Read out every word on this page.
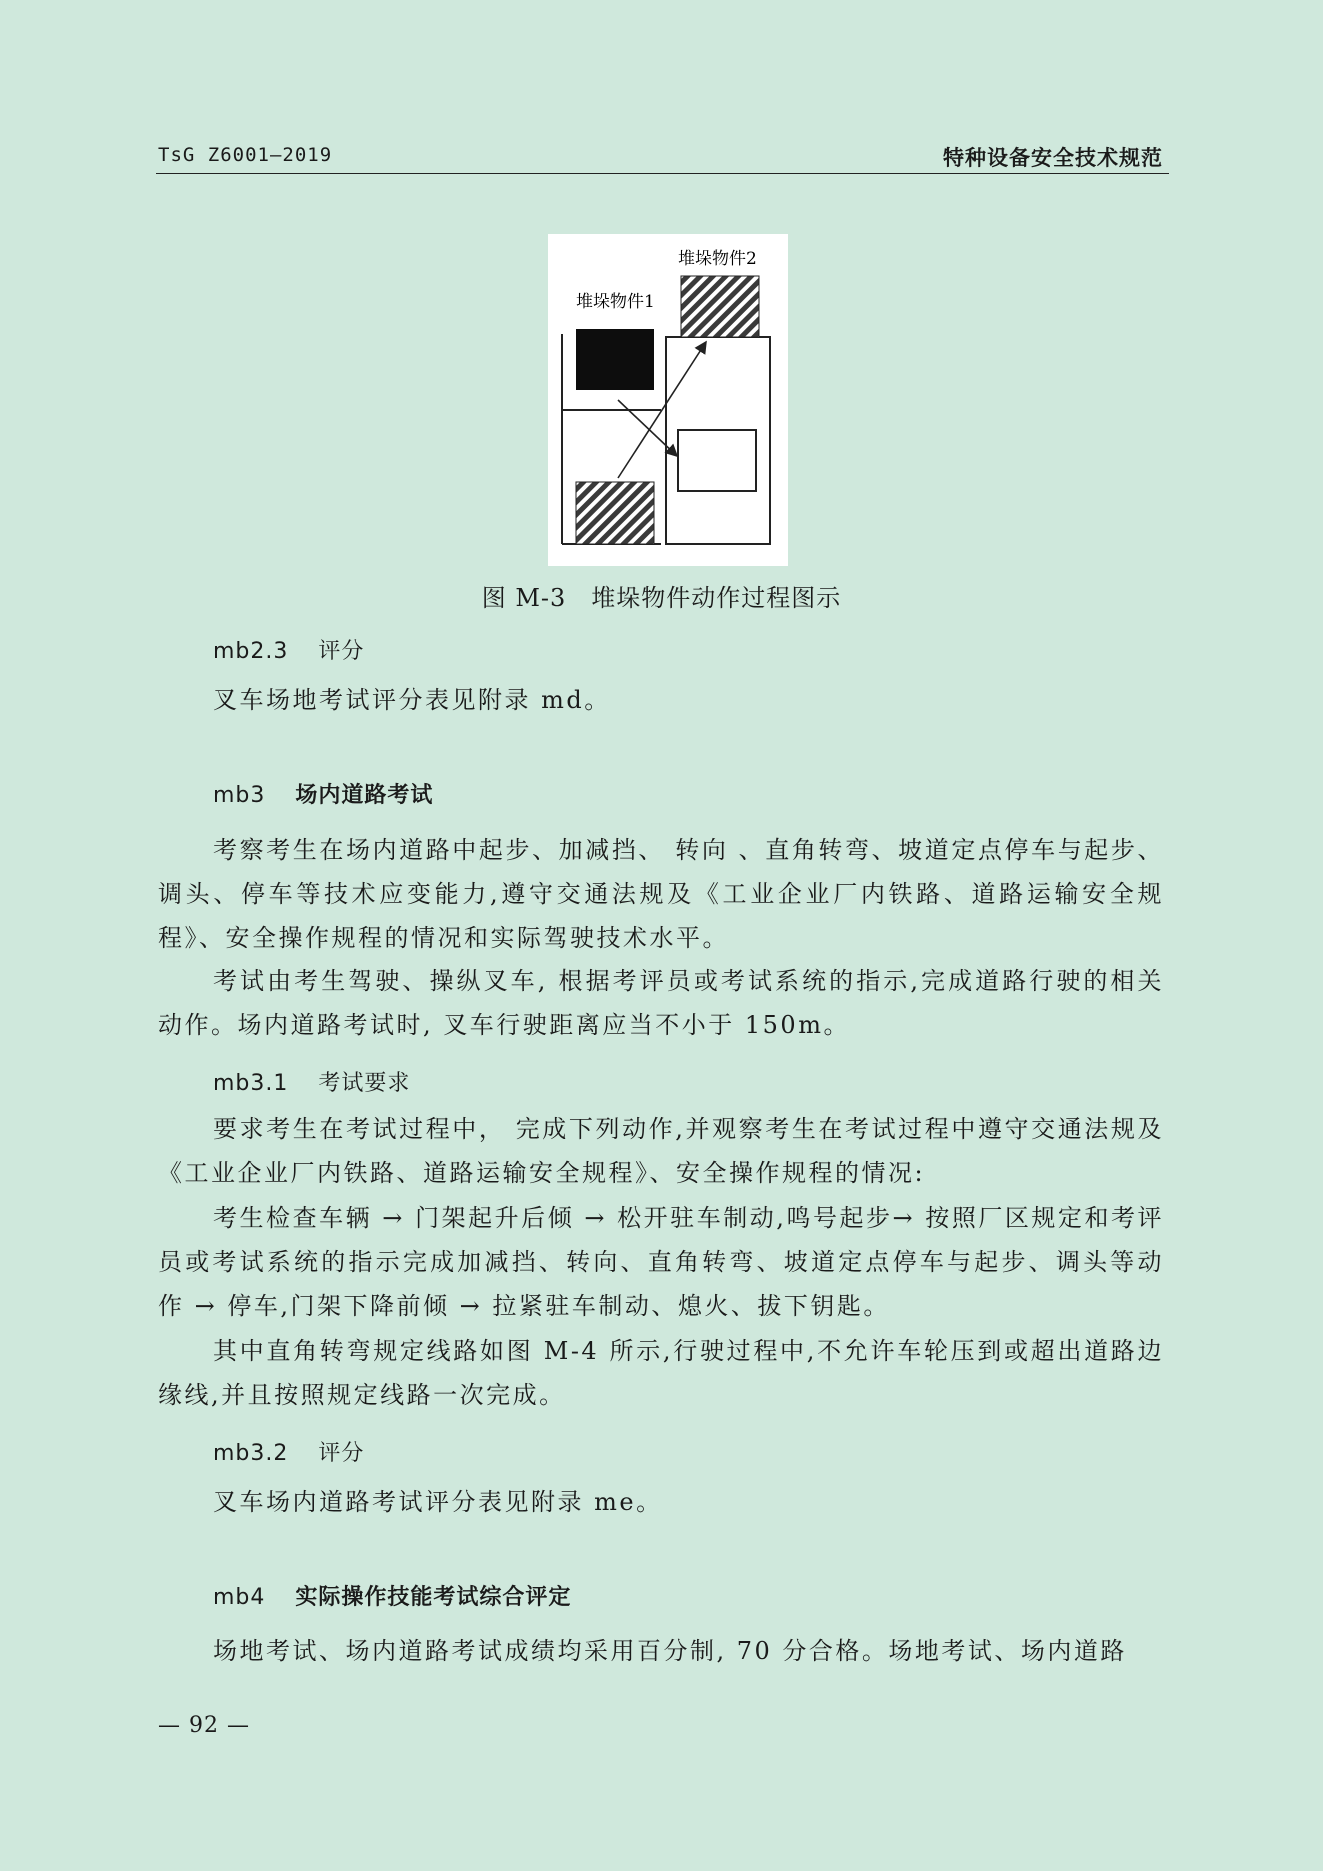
TsG Z6001—2019	特种设备安全技术规范
堆垛物件1
堆垛物件2
图 M-3　堆垛物件动作过程图示
mb2.3 评分
叉车场地考试评分表见附录 md。
mb3 场内道路考试
考察考生在场内道路中起步、加减挡、 转向 、直角转弯、坡道定点停车与起步、调头、停车等技术应变能力,遵守交通法规及《工业企业厂内铁路、道路运输安全规程》、安全操作规程的情况和实际驾驶技术水平。
考试由考生驾驶、操纵叉车, 根据考评员或考试系统的指示,完成道路行驶的相关动作。场内道路考试时, 叉车行驶距离应当不小于 150m。
mb3.1 考试要求
要求考生在考试过程中， 完成下列动作,并观察考生在考试过程中遵守交通法规及《工业企业厂内铁路、道路运输安全规程》、安全操作规程的情况:
考生检查车辆 → 门架起升后倾 → 松开驻车制动,鸣号起步→ 按照厂区规定和考评员或考试系统的指示完成加减挡、转向、直角转弯、坡道定点停车与起步、调头等动作 → 停车,门架下降前倾 → 拉紧驻车制动、熄火、拔下钥匙。
其中直角转弯规定线路如图 M-4 所示,行驶过程中,不允许车轮压到或超出道路边缘线,并且按照规定线路一次完成。
mb3.2 评分
叉车场内道路考试评分表见附录 me。
mb4 实际操作技能考试综合评定
场地考试、场内道路考试成绩均采用百分制, 70 分合格。场地考试、场内道路
— 92 —
